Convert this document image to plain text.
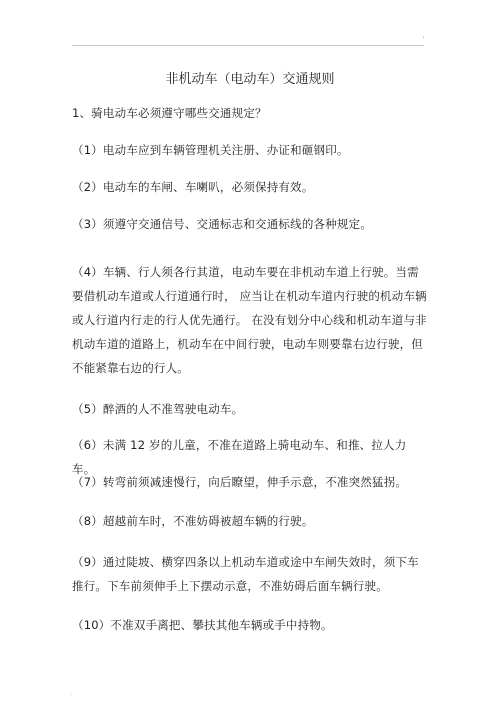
'
非机动车（电动车）交通规则

1、骑电动车必须遵守哪些交通规定？

（1）电动车应到车辆管理机关注册、办证和砸钢印。

（2）电动车的车闸、车喇叭，必须保持有效。

（3）须遵守交通信号、交通标志和交通标线的各种规定。

（4）车辆、行人须各行其道，电动车要在非机动车道上行驶。当需要借机动车道或人行道通行时， 应当让在机动车道内行驶的机动车辆或人行道内行走的行人优先通行。 在没有划分中心线和机动车道与非机动车道的道路上，机动车在中间行驶，电动车则要靠右边行驶，但不能紧靠右边的行人。

（5）醉酒的人不准驾驶电动车。

（6）未满 12 岁的儿童，不准在道路上骑电动车、和推、拉人力车。

（7）转弯前须减速慢行，向后瞭望，伸手示意，不准突然猛拐。

（8）超越前车时，不准妨碍被超车辆的行驶。

（9）通过陡坡、横穿四条以上机动车道或途中车闸失效时，须下车推行。下车前须伸手上下摆动示意，不准妨碍后面车辆行驶。

（10）不准双手离把、攀扶其他车辆或手中持物。

.
